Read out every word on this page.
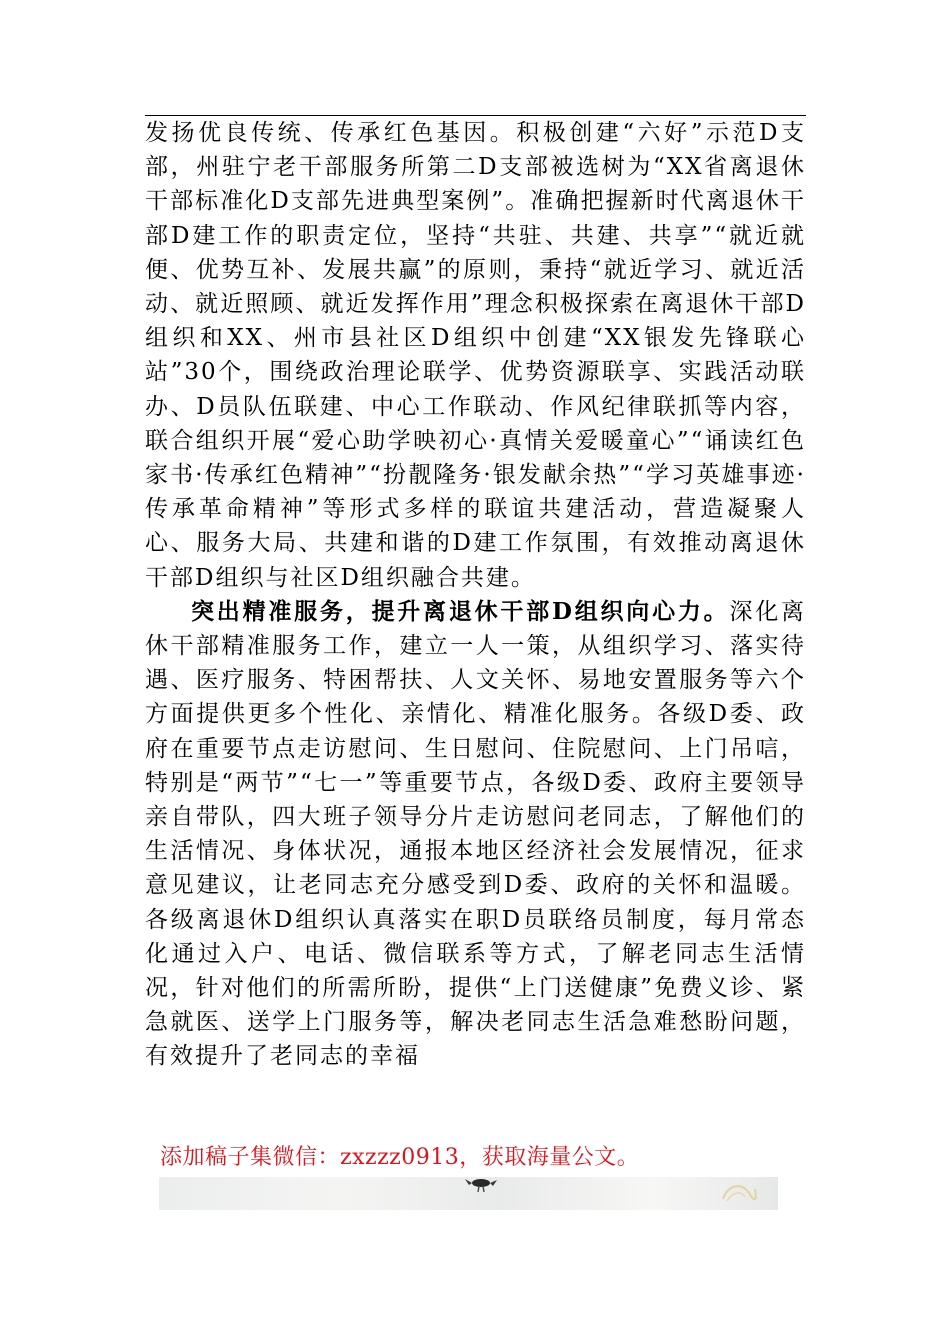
发扬优良传统、传承红色基因。积极创建“六好”示范D支部，州驻宁老干部服务所第二D支部被选树为“XX省离退休干部标准化D支部先进典型案例”。准确把握新时代离退休干部D建工作的职责定位，坚持“共驻、共建、共享”“就近就便、优势互补、发展共赢”的原则，秉持“就近学习、就近活动、就近照顾、就近发挥作用”理念积极探索在离退休干部D组织和XX、州市县社区D组织中创建“XX银发先锋联心站”30个，围绕政治理论联学、优势资源联享、实践活动联办、D员队伍联建、中心工作联动、作风纪律联抓等内容，联合组织开展“爱心助学映初心·真情关爱暖童心”“诵读红色家书·传承红色精神”“扮靓隆务·银发献余热”“学习英雄事迹·传承革命精神”等形式多样的联谊共建活动，营造凝聚人心、服务大局、共建和谐的D建工作氛围，有效推动离退休干部D组织与社区D组织融合共建。

突出精准服务，提升离退休干部D组织向心力。深化离休干部精准服务工作，建立一人一策，从组织学习、落实待遇、医疗服务、特困帮扶、人文关怀、易地安置服务等六个方面提供更多个性化、亲情化、精准化服务。各级D委、政府在重要节点走访慰问、生日慰问、住院慰问、上门吊唁，特别是“两节”“七一”等重要节点，各级D委、政府主要领导亲自带队，四大班子领导分片走访慰问老同志，了解他们的生活情况、身体状况，通报本地区经济社会发展情况，征求意见建议，让老同志充分感受到D委、政府的关怀和温暖。各级离退休D组织认真落实在职D员联络员制度，每月常态化通过入户、电话、微信联系等方式，了解老同志生活情况，针对他们的所需所盼，提供“上门送健康”免费义诊、紧急就医、送学上门服务等，解决老同志生活急难愁盼问题，有效提升了老同志的幸福

添加稿子集微信：zxzzz0913，获取海量公文。
